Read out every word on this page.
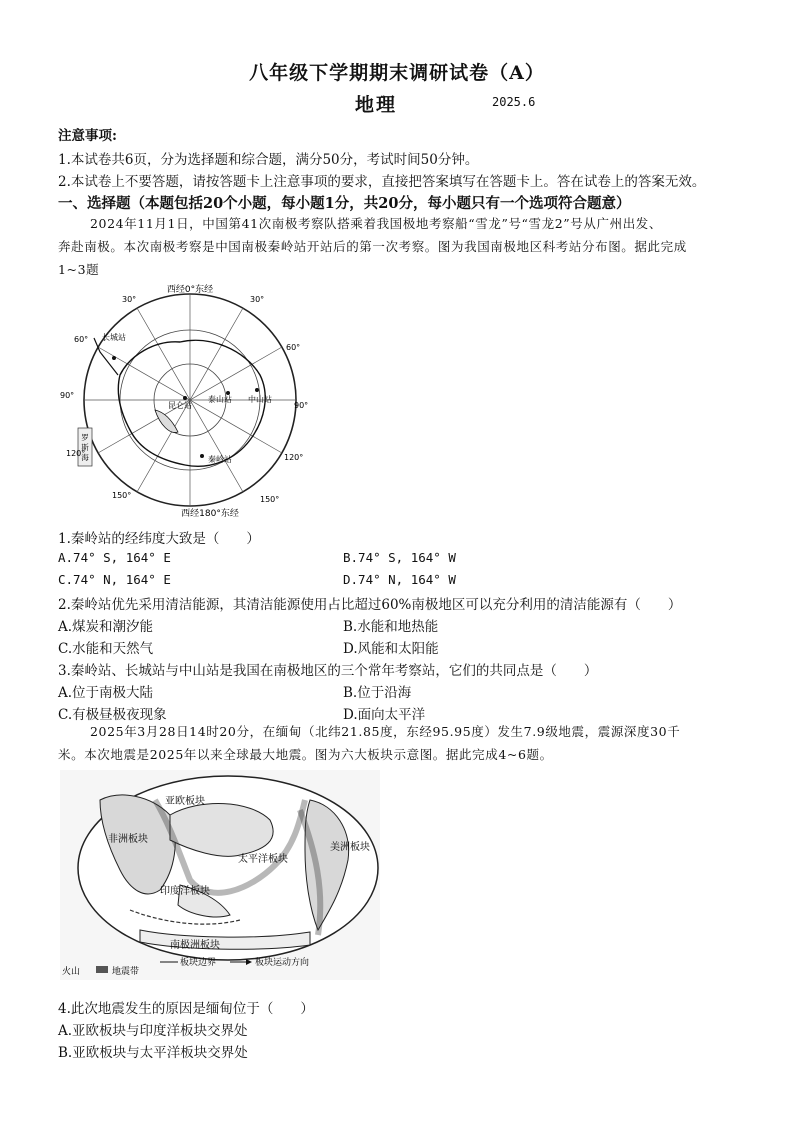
八年级下学期期末调研试卷（A）
地理	2025.6
注意事项:
1.本试卷共6页，分为选择题和综合题，满分50分，考试时间50分钟。
2.本试卷上不要答题，请按答题卡上注意事项的要求，直接把答案填写在答题卡上。答在试卷上的答案无效。
一、选择题（本题包括20个小题，每小题1分，共20分，每小题只有一个选项符合题意）
2024年11月1日，中国第41次南极考察队搭乘着我国极地考察船“雪龙”号“雪龙2”号从广州出发、
奔赴南极。本次南极考察是中国南极秦岭站开站后的第一次考察。图为我国南极地区科考站分布图。据此完成
1~3题
罗
斯
海
长城站
昆仑站
泰山站 中山站
秦岭站
西经0°东经
西经180°东经
30°	30°
60°
60°
90°
90°
120°	120°
150°	150°
1.秦岭站的经纬度大致是（　　）
A.74° S, 164° E	B.74° S, 164° W
C.74° N, 164° E	D.74° N, 164° W
2.秦岭站优先采用清洁能源，其清洁能源使用占比超过60%南极地区可以充分利用的清洁能源有（　　）
A.煤炭和潮汐能	B.水能和地热能
C.水能和天然气	D.风能和太阳能
3.秦岭站、长城站与中山站是我国在南极地区的三个常年考察站，它们的共同点是（　　）
A.位于南极大陆	B.位于沿海
C.有极昼极夜现象	D.面向太平洋
2025年3月28日14时20分，在缅甸（北纬21.85度，东经95.95度）发生7.9级地震，震源深度30千
米。本次地震是2025年以来全球最大地震。图为六大板块示意图。据此完成4~6题。
亚欧板块
非洲板块
印度洋板块
太平洋板块
美洲板块
南极洲板块
火山	地震带
板块边界	板块运动方向
4.此次地震发生的原因是缅甸位于（　　）
A.亚欧板块与印度洋板块交界处
B.亚欧板块与太平洋板块交界处
